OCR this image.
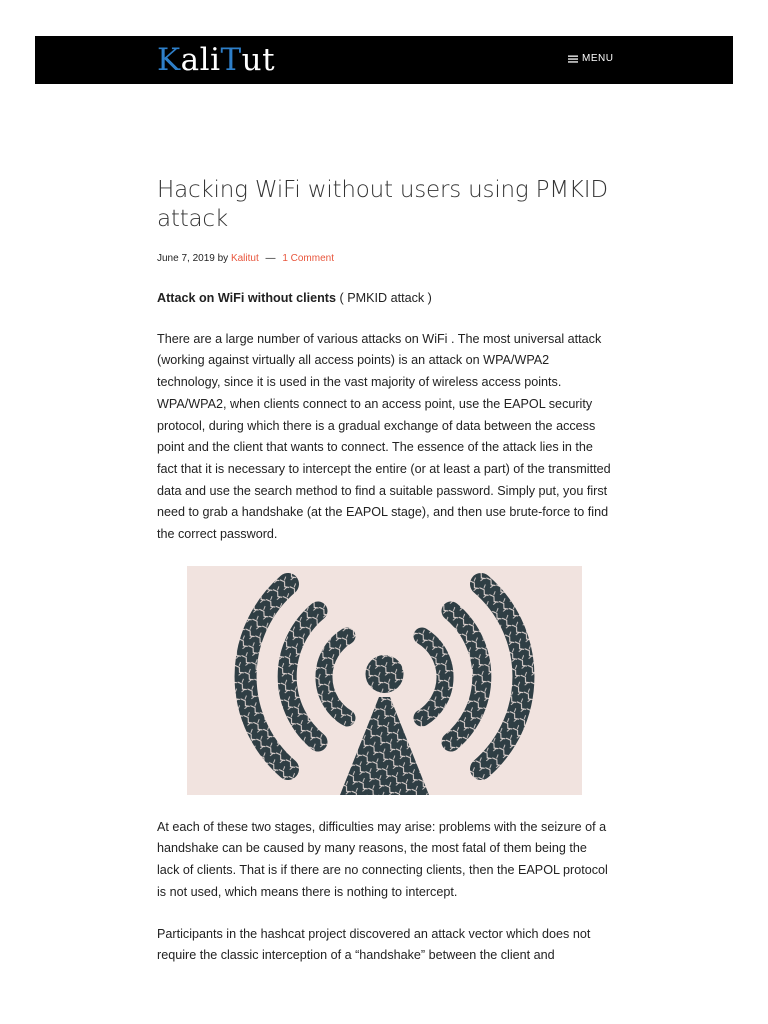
KaliTut	MENU
Hacking WiFi without users using PMKID attack
June 7, 2019 by Kalitut — 1 Comment

Attack on WiFi without clients ( PMKID attack )

There are a large number of various attacks on WiFi . The most universal attack (working against virtually all access points) is an attack on WPA/WPA2 technology, since it is used in the vast majority of wireless access points. WPA/WPA2, when clients connect to an access point, use the EAPOL security protocol, during which there is a gradual exchange of data between the access point and the client that wants to connect. The essence of the attack lies in the fact that it is necessary to intercept the entire (or at least a part) of the transmitted data and use the search method to find a suitable password. Simply put, you first need to grab a handshake (at the EAPOL stage), and then use brute-force to find the correct password.

At each of these two stages, difficulties may arise: problems with the seizure of a handshake can be caused by many reasons, the most fatal of them being the lack of clients. That is if there are no connecting clients, then the EAPOL protocol is not used, which means there is nothing to intercept.

Participants in the hashcat project discovered an attack vector which does not require the classic interception of a “handshake” between the client and
